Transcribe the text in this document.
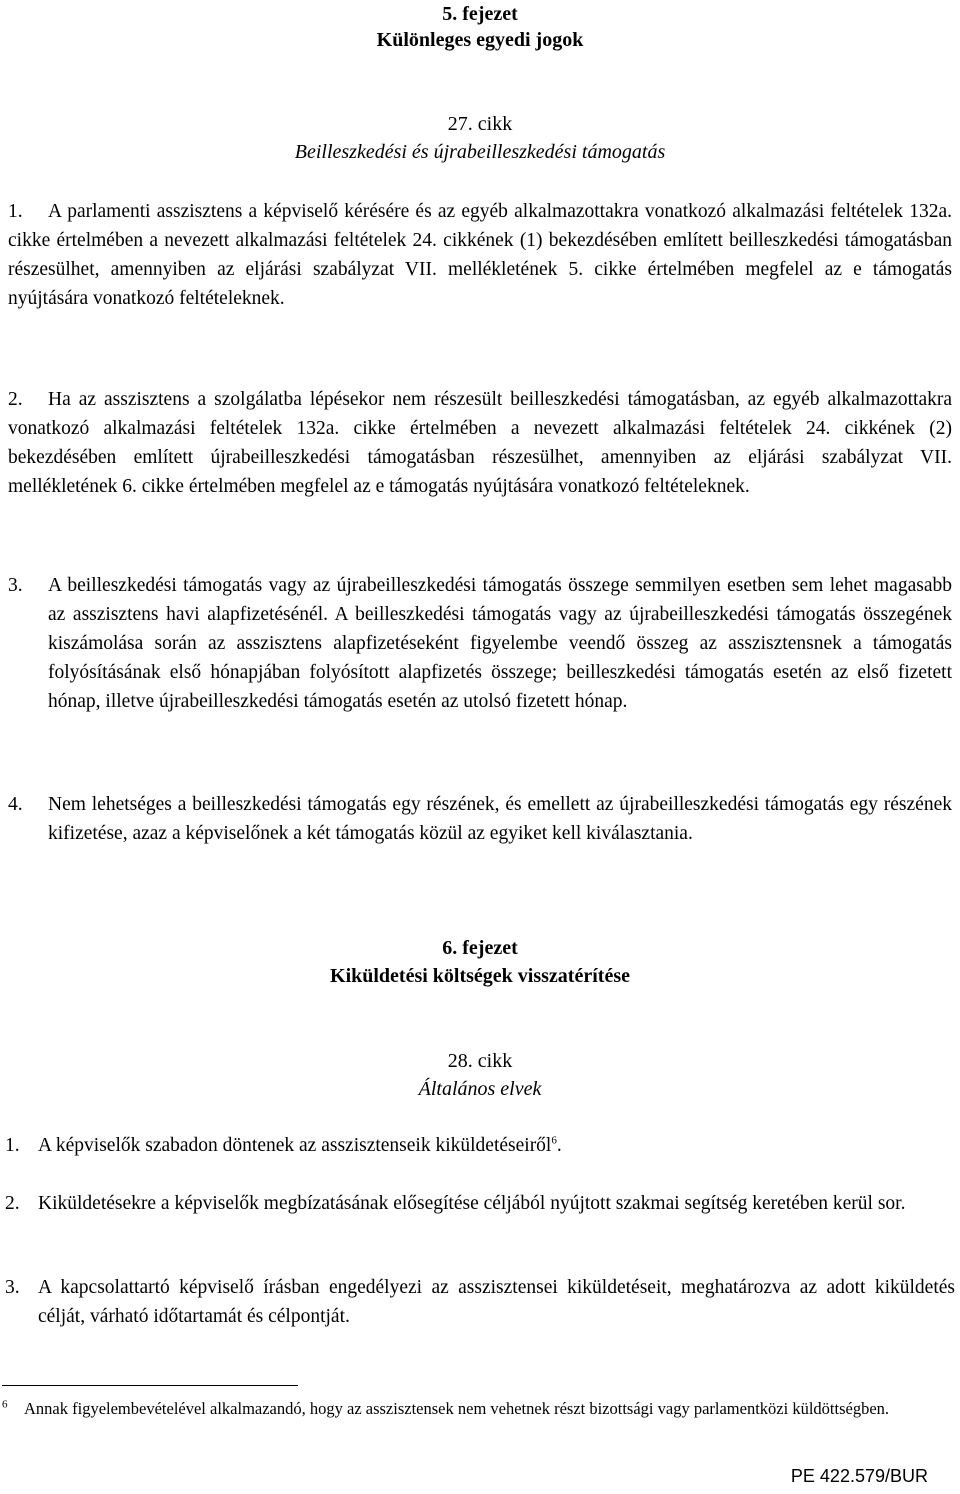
5. fejezet
Különleges egyedi jogok
27. cikk
Beilleszkedési és újrabeilleszkedési támogatás
1.	A parlamenti asszisztens a képviselő kérésére és az egyéb alkalmazottakra vonatkozó alkalmazási feltételek 132a. cikke értelmében a nevezett alkalmazási feltételek 24. cikkének (1) bekezdésében említett beilleszkedési támogatásban részesülhet, amennyiben az eljárási szabályzat VII. mellékletének 5. cikke értelmében megfelel az e támogatás nyújtására vonatkozó feltételeknek.
2.	Ha az asszisztens a szolgálatba lépésekor nem részesült beilleszkedési támogatásban, az egyéb alkalmazottakra vonatkozó alkalmazási feltételek 132a. cikke értelmében a nevezett alkalmazási feltételek 24. cikkének (2) bekezdésében említett újrabeilleszkedési támogatásban részesülhet, amennyiben az eljárási szabályzat VII. mellékletének 6. cikke értelmében megfelel az e támogatás nyújtására vonatkozó feltételeknek.
3.	A beilleszkedési támogatás vagy az újrabeilleszkedési támogatás összege semmilyen esetben sem lehet magasabb az asszisztens havi alapfizetésénél. A beilleszkedési támogatás vagy az újrabeilleszkedési támogatás összegének kiszámolása során az asszisztens alapfizetéseként figyelembe veendő összeg az asszisztensnek a támogatás folyósításának első hónapjában folyósított alapfizetés összege; beilleszkedési támogatás esetén az első fizetett hónap, illetve újrabeilleszkedési támogatás esetén az utolsó fizetett hónap.
4.	Nem lehetséges a beilleszkedési támogatás egy részének, és emellett az újrabeilleszkedési támogatás egy részének kifizetése, azaz a képviselőnek a két támogatás közül az egyiket kell kiválasztania.
6. fejezet
Kiküldetési költségek visszatérítése
28. cikk
Általános elvek
1. A képviselők szabadon döntenek az asszisztenseik kiküldetéseiről$^6$.
2. Kiküldetésekre a képviselők megbízatásának elősegítése céljából nyújtott szakmai segítség keretében kerül sor.
3. A kapcsolattartó képviselő írásban engedélyezi az asszisztensei kiküldetéseit, meghatározva az adott kiküldetés célját, várható időtartamát és célpontját.
$^6$ Annak figyelembevételével alkalmazandó, hogy az asszisztensek nem vehetnek részt bizottsági vagy parlamentközi küldöttségben.
PE 422.579/BUR
